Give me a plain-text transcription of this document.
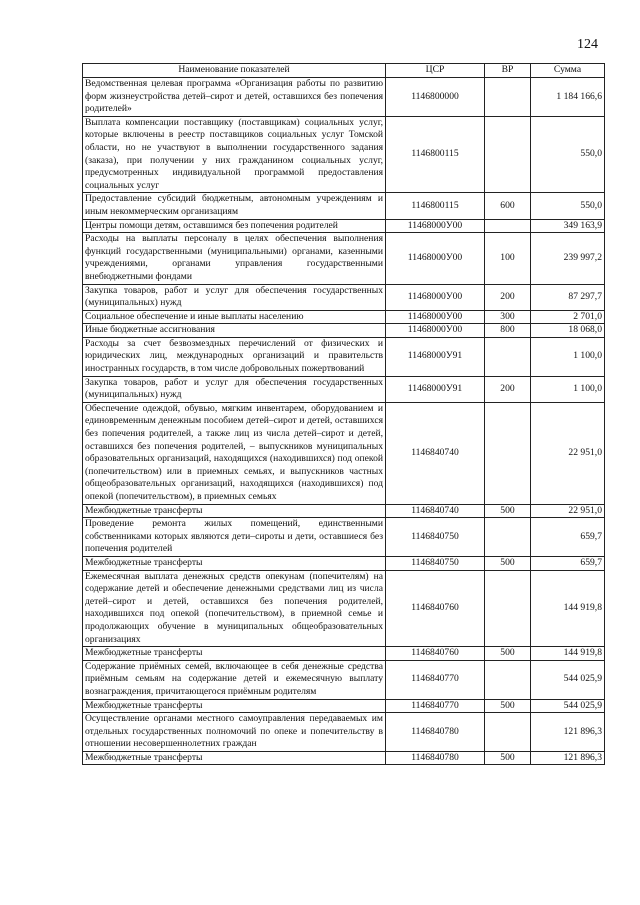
124
Наименование показателей	ЦСР	ВР	Сумма
Ведомственная целевая программа «Организация работы по развитию форм жизнеустройства детей–сирот и детей, оставшихся без попечения родителей»	1146800000		1 184 166,6
Выплата компенсации поставщику (поставщикам) социальных услуг, которые включены в реестр поставщиков социальных услуг Томской области, но не участвуют в выполнении государственного задания (заказа), при получении у них гражданином социальных услуг, предусмотренных индивидуальной программой предоставления социальных услуг	1146800115		550,0
Предоставление субсидий бюджетным, автономным учреждениям и иным некоммерческим организациям	1146800115	600	550,0
Центры помощи детям, оставшимся без попечения родителей	11468000У00		349 163,9
Расходы на выплаты персоналу в целях обеспечения выполнения функций государственными (муниципальными) органами, казенными учреждениями, органами управления государственными внебюджетными фондами	11468000У00	100	239 997,2
Закупка товаров, работ и услуг для обеспечения государственных (муниципальных) нужд	11468000У00	200	87 297,7
Социальное обеспечение и иные выплаты населению	11468000У00	300	2 701,0
Иные бюджетные ассигнования	11468000У00	800	18 068,0
Расходы за счет безвозмездных перечислений от физических и юридических лиц, международных организаций и правительств иностранных государств, в том числе добровольных пожертвований	11468000У91		1 100,0
Закупка товаров, работ и услуг для обеспечения государственных (муниципальных) нужд	11468000У91	200	1 100,0
Обеспечение одеждой, обувью, мягким инвентарем, оборудованием и единовременным денежным пособием детей–сирот и детей, оставшихся без попечения родителей, а также лиц из числа детей–сирот и детей, оставшихся без попечения родителей, – выпускников муниципальных образовательных организаций, находящихся (находившихся) под опекой (попечительством) или в приемных семьях, и выпускников частных общеобразовательных организаций, находящихся (находившихся) под опекой (попечительством), в приемных семьях	1146840740		22 951,0
Межбюджетные трансферты	1146840740	500	22 951,0
Проведение ремонта жилых помещений, единственными собственниками которых являются дети–сироты и дети, оставшиеся без попечения родителей	1146840750		659,7
Межбюджетные трансферты	1146840750	500	659,7
Ежемесячная выплата денежных средств опекунам (попечителям) на содержание детей и обеспечение денежными средствами лиц из числа детей–сирот и детей, оставшихся без попечения родителей, находившихся под опекой (попечительством), в приемной семье и продолжающих обучение в муниципальных общеобразовательных организациях	1146840760		144 919,8
Межбюджетные трансферты	1146840760	500	144 919,8
Содержание приёмных семей, включающее в себя денежные средства приёмным семьям на содержание детей и ежемесячную выплату вознаграждения, причитающегося приёмным родителям	1146840770		544 025,9
Межбюджетные трансферты	1146840770	500	544 025,9
Осуществление органами местного самоуправления передаваемых им отдельных государственных полномочий по опеке и попечительству в отношении несовершеннолетних граждан	1146840780		121 896,3
Межбюджетные трансферты	1146840780	500	121 896,3
